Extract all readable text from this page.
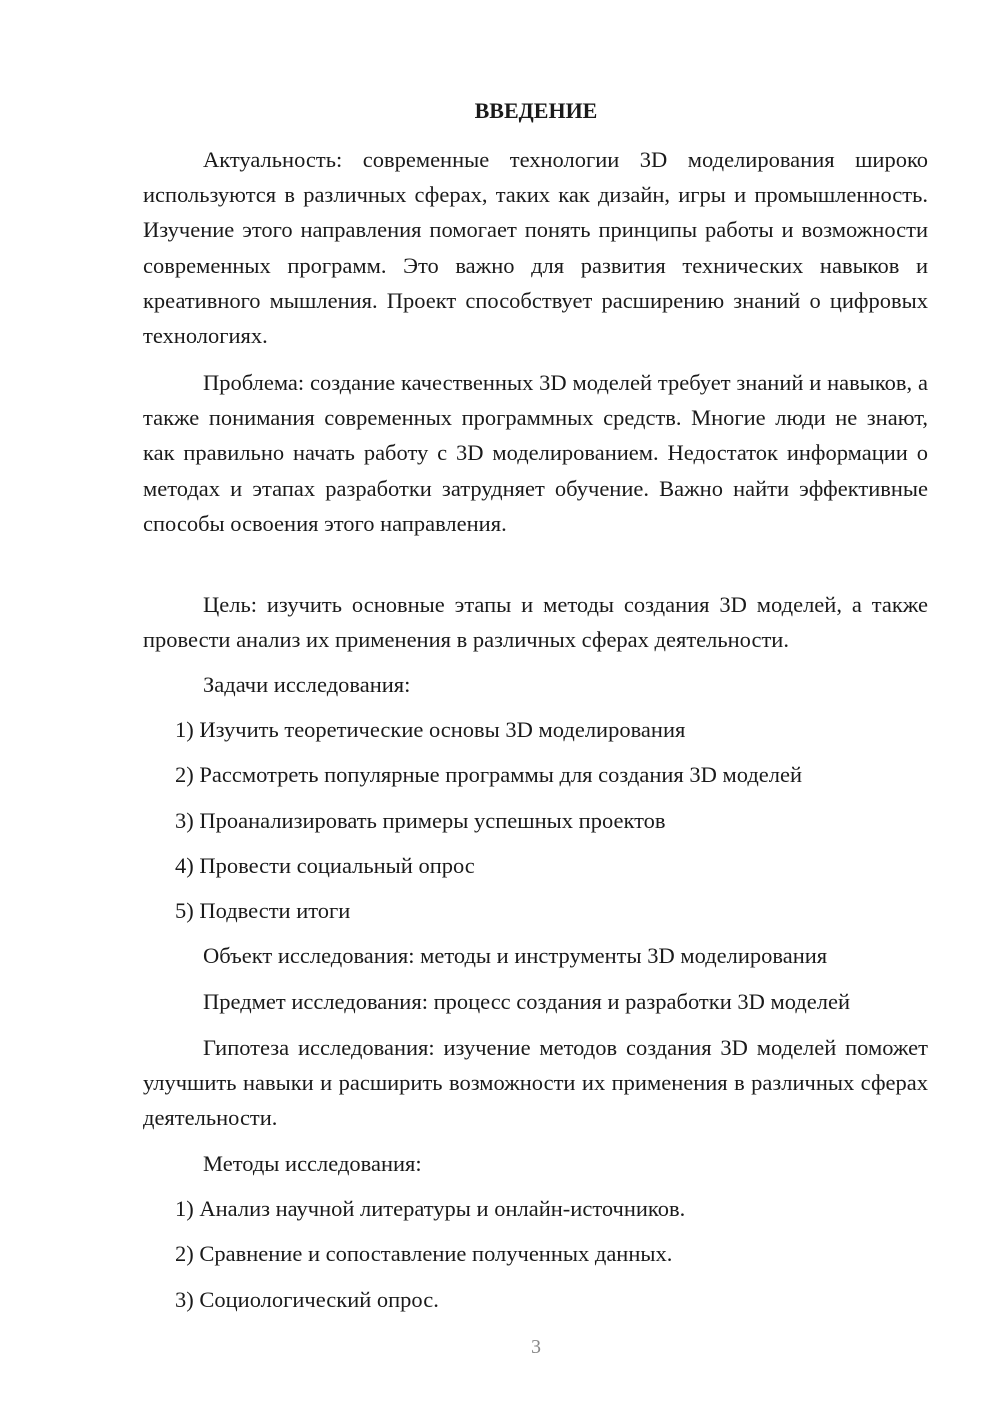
ВВЕДЕНИЕ

Актуальность: современные технологии 3D моделирования широко используются в различных сферах, таких как дизайн, игры и промышленность. Изучение этого направления помогает понять принципы работы и возможности современных программ. Это важно для развития технических навыков и креативного мышления. Проект способствует расширению знаний о цифровых технологиях.

Проблема: создание качественных 3D моделей требует знаний и навыков, а также понимания современных программных средств. Многие люди не знают, как правильно начать работу с 3D моделированием. Недостаток информации о методах и этапах разработки затрудняет обучение. Важно найти эффективные способы освоения этого направления.

Цель: изучить основные этапы и методы создания 3D моделей, а также провести анализ их применения в различных сферах деятельности.

Задачи исследования:

1) Изучить теоретические основы 3D моделирования

2) Рассмотреть популярные программы для создания 3D моделей

3) Проанализировать примеры успешных проектов

4) Провести социальный опрос

5) Подвести итоги

Объект исследования: методы и инструменты 3D моделирования

Предмет исследования: процесс создания и разработки 3D моделей

Гипотеза исследования: изучение методов создания 3D моделей поможет улучшить навыки и расширить возможности их применения в различных сферах деятельности.

Методы исследования:

1) Анализ научной литературы и онлайн-источников.

2) Сравнение и сопоставление полученных данных.

3) Социологический опрос.

3
